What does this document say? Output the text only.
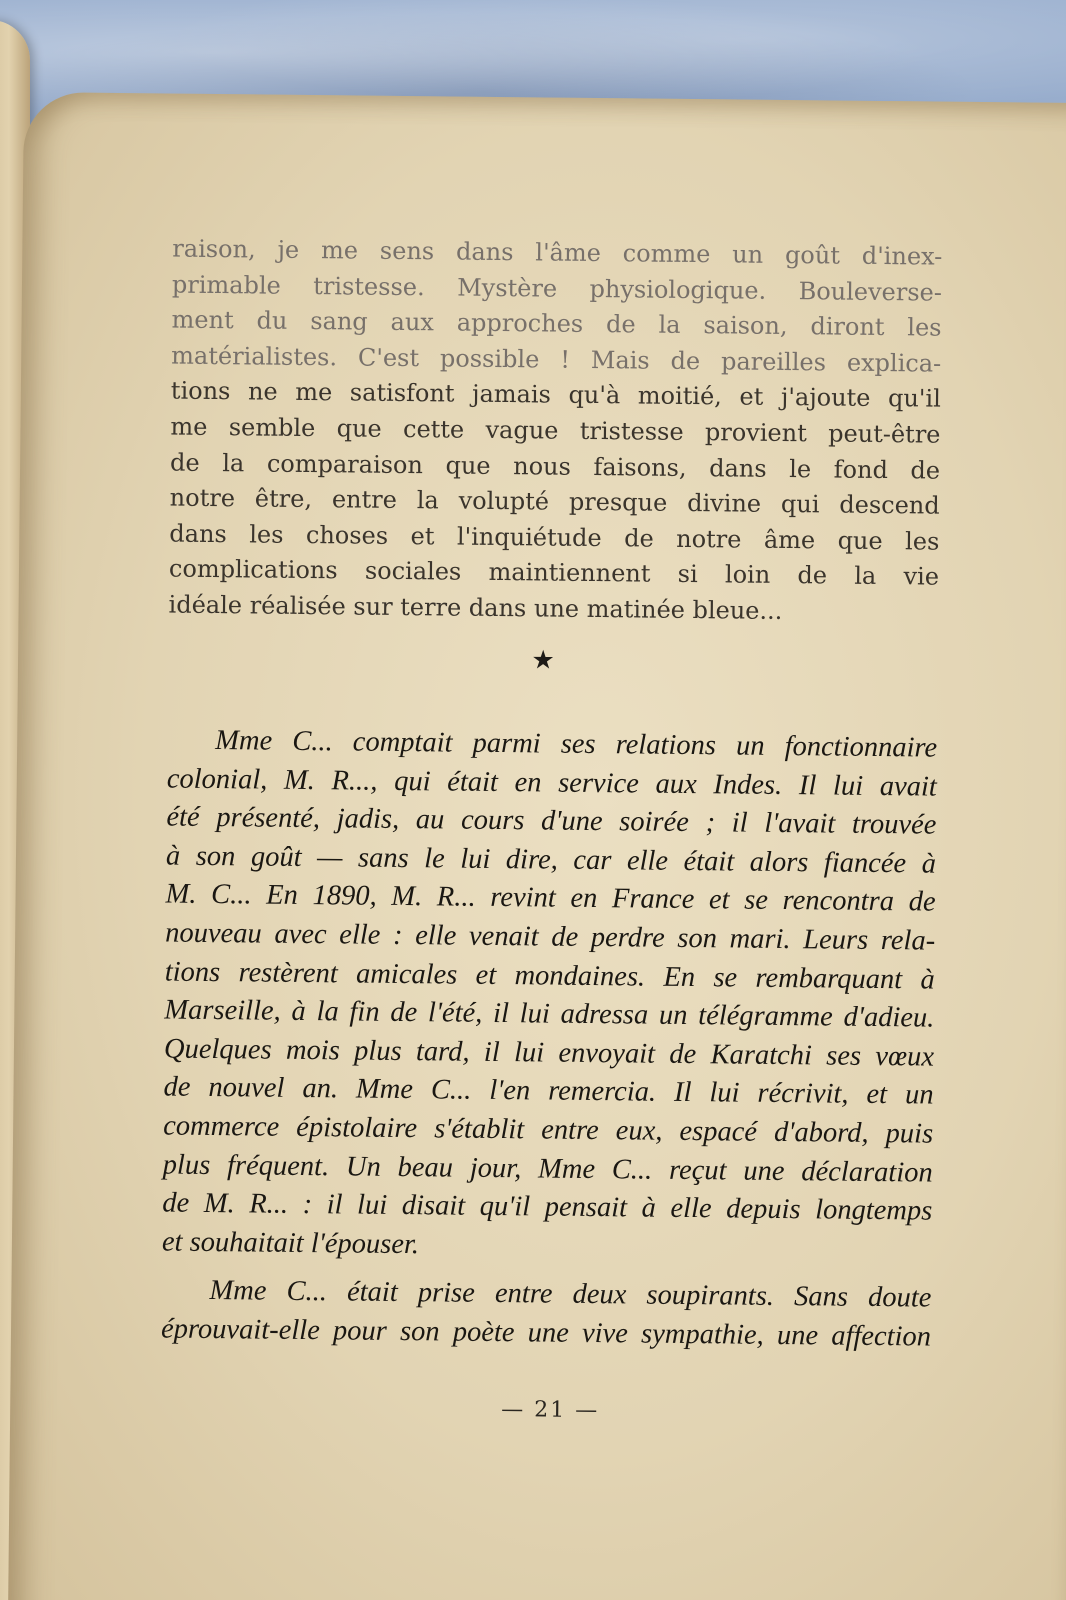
raison, je me sens dans l'âme comme un goût d'inex-
primable tristesse. Mystère physiologique. Bouleverse-
ment du sang aux approches de la saison, diront les
matérialistes. C'est possible ! Mais de pareilles explica-
tions ne me satisfont jamais qu'à moitié, et j'ajoute qu'il
me semble que cette vague tristesse provient peut-être
de la comparaison que nous faisons, dans le fond de
notre être, entre la volupté presque divine qui descend
dans les choses et l'inquiétude de notre âme que les
complications sociales maintiennent si loin de la vie
idéale réalisée sur terre dans une matinée bleue...
★
Mme C... comptait parmi ses relations un fonctionnaire
colonial, M. R..., qui était en service aux Indes. Il lui avait
été présenté, jadis, au cours d'une soirée ; il l'avait trouvée
à son goût — sans le lui dire, car elle était alors fiancée à
M. C... En 1890, M. R... revint en France et se rencontra de
nouveau avec elle : elle venait de perdre son mari. Leurs rela-
tions restèrent amicales et mondaines. En se rembarquant à
Marseille, à la fin de l'été, il lui adressa un télégramme d'adieu.
Quelques mois plus tard, il lui envoyait de Karatchi ses vœux
de nouvel an. Mme C... l'en remercia. Il lui récrivit, et un
commerce épistolaire s'établit entre eux, espacé d'abord, puis
plus fréquent. Un beau jour, Mme C... reçut une déclaration
de M. R... : il lui disait qu'il pensait à elle depuis longtemps
et souhaitait l'épouser.
Mme C... était prise entre deux soupirants. Sans doute
éprouvait-elle pour son poète une vive sympathie, une affection
— 21 —
